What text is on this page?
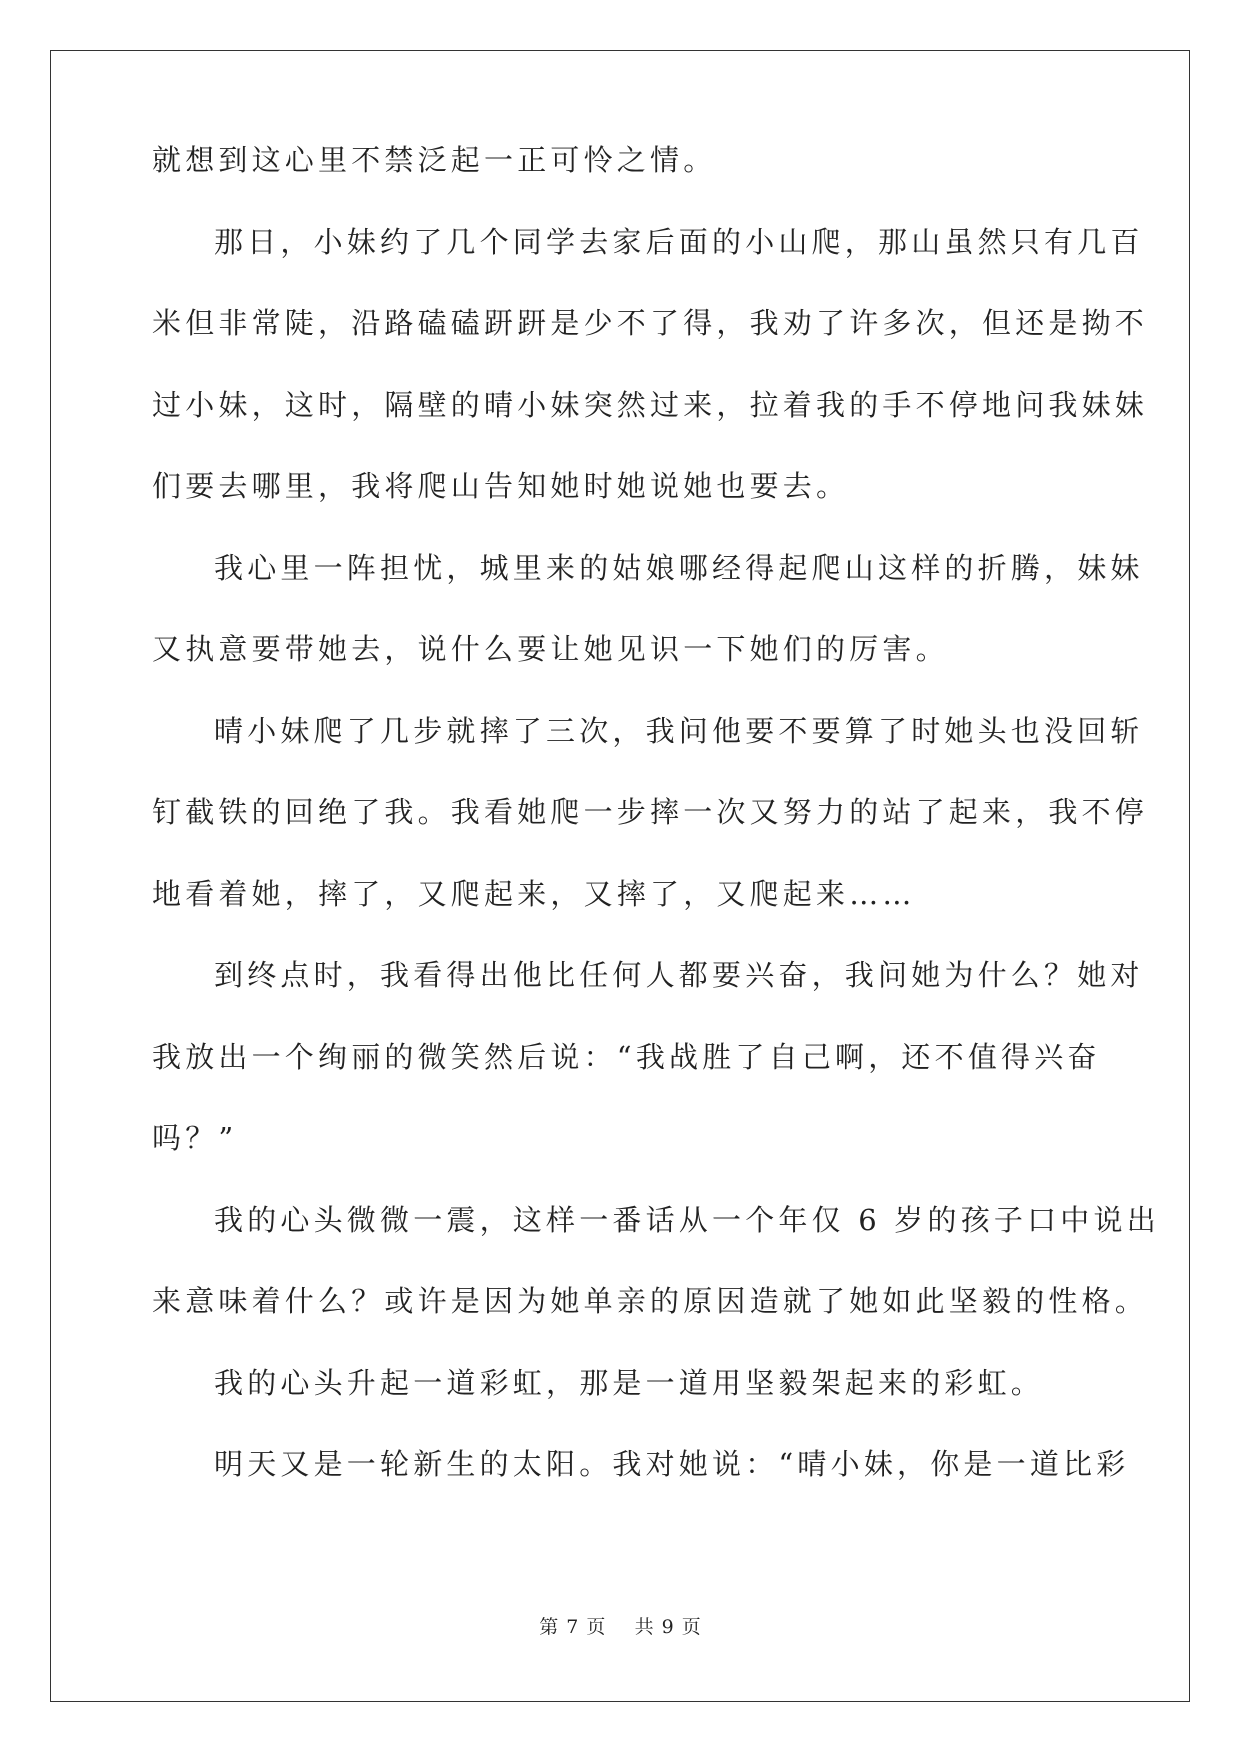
就想到这心里不禁泛起一正可怜之情。
那日，小妹约了几个同学去家后面的小山爬，那山虽然只有几百
米但非常陡，沿路磕磕趼趼是少不了得，我劝了许多次，但还是拗不
过小妹，这时，隔壁的晴小妹突然过来，拉着我的手不停地问我妹妹
们要去哪里，我将爬山告知她时她说她也要去。
我心里一阵担忧，城里来的姑娘哪经得起爬山这样的折腾，妹妹
又执意要带她去，说什么要让她见识一下她们的厉害。
晴小妹爬了几步就摔了三次，我问他要不要算了时她头也没回斩
钉截铁的回绝了我。我看她爬一步摔一次又努力的站了起来，我不停
地看着她，摔了，又爬起来，又摔了，又爬起来……
到终点时，我看得出他比任何人都要兴奋，我问她为什么？她对
我放出一个绚丽的微笑然后说：“我战胜了自己啊，还不值得兴奋
吗？”
我的心头微微一震，这样一番话从一个年仅 6 岁的孩子口中说出
来意味着什么？或许是因为她单亲的原因造就了她如此坚毅的性格。
我的心头升起一道彩虹，那是一道用坚毅架起来的彩虹。
明天又是一轮新生的太阳。我对她说：“晴小妹，你是一道比彩
第 7 页 共 9 页
